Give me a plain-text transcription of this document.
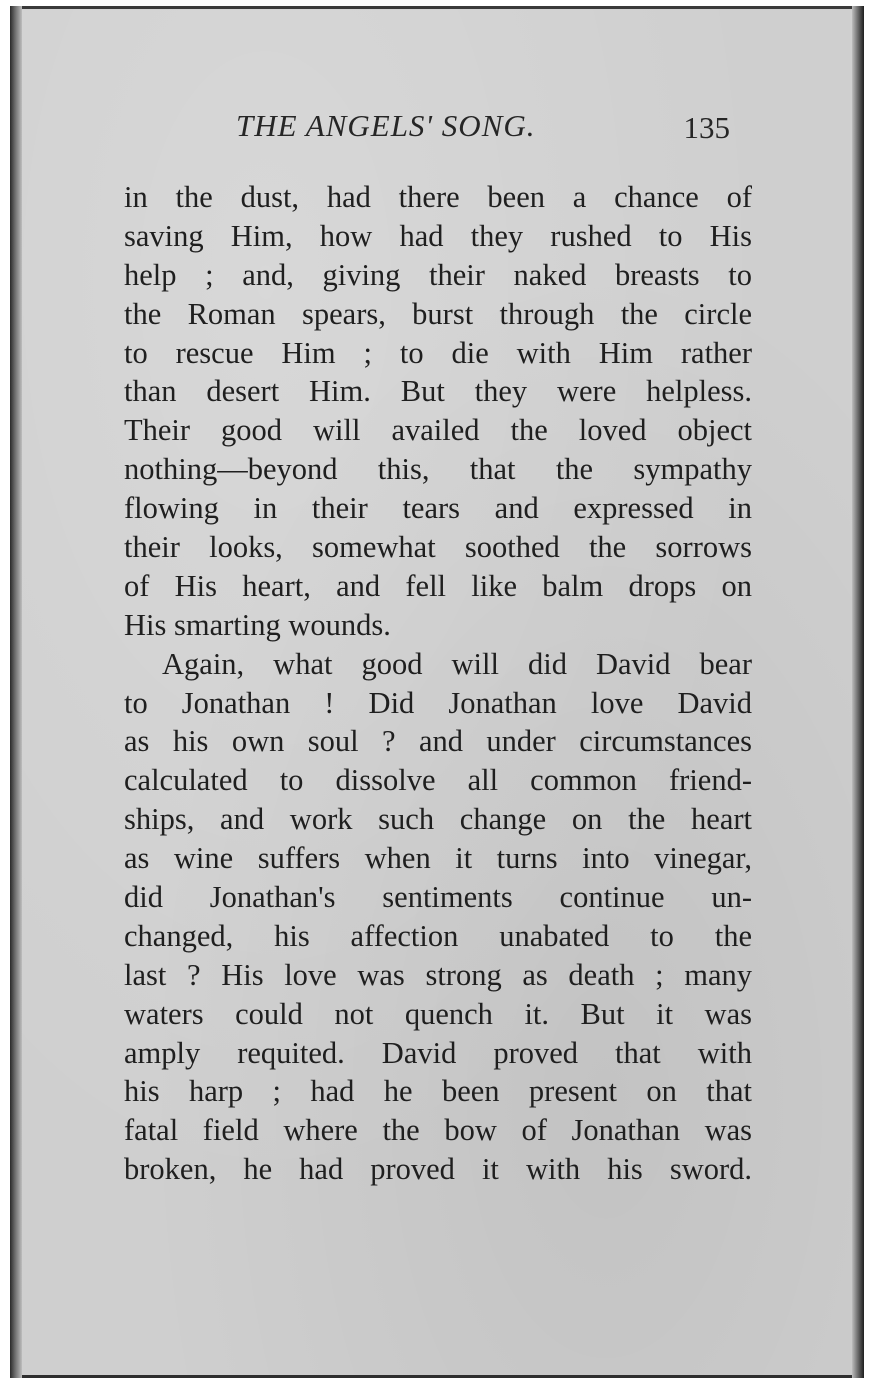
THE ANGELS' SONG.	135
in the dust, had there been a chance of
saving Him, how had they rushed to His
help ; and, giving their naked breasts to
the Roman spears, burst through the circle
to rescue Him ; to die with Him rather
than desert Him. But they were helpless.
Their good will availed the loved object
nothing—beyond this, that the sympathy
flowing in their tears and expressed in
their looks, somewhat soothed the sorrows
of His heart, and fell like balm drops on
His smarting wounds.
Again, what good will did David bear
to Jonathan ! Did Jonathan love David
as his own soul ? and under circumstances
calculated to dissolve all common friend-
ships, and work such change on the heart
as wine suffers when it turns into vinegar,
did Jonathan's sentiments continue un-
changed, his affection unabated to the
last ? His love was strong as death ; many
waters could not quench it. But it was
amply requited. David proved that with
his harp ; had he been present on that
fatal field where the bow of Jonathan was
broken, he had proved it with his sword.
